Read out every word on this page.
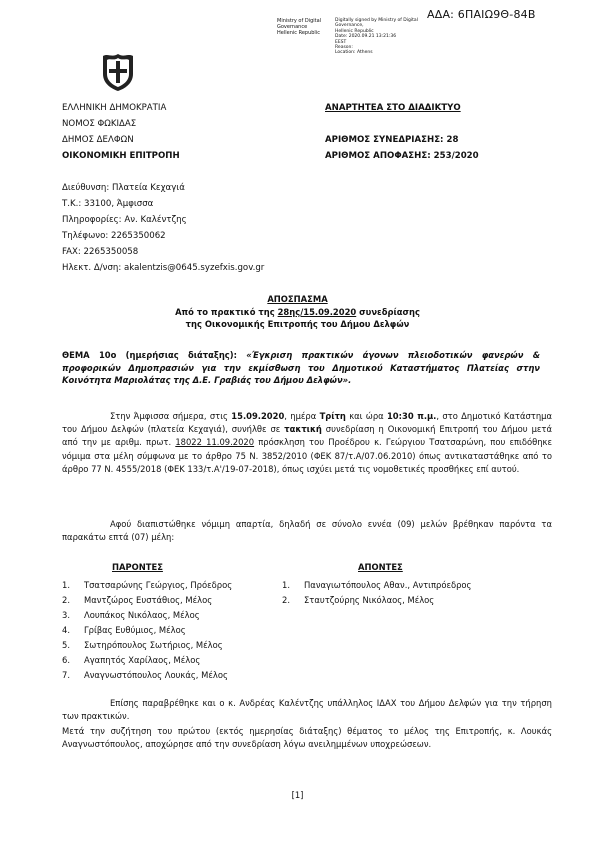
ΑΔΑ: 6ΠΑΙΩ9Θ-84Β
Ministry of Digital
Governance
Hellenic Republic
Digitally signed by Ministry of Digital Governance,
Hellenic Republic
Date: 2020.09.21 13:21:36
EEST
Reason:
Location: Athens
ΕΛΛΗΝΙΚΗ ΔΗΜΟΚΡΑΤΙΑ
ΝΟΜΟΣ ΦΩΚΙΔΑΣ
ΔΗΜΟΣ ΔΕΛΦΩΝ
ΟΙΚΟΝΟΜΙΚΗ ΕΠΙΤΡΟΠΗ
ΑΝΑΡΤΗΤΕΑ ΣΤΟ ΔΙΑΔΙΚΤΥΟ

ΑΡΙΘΜΟΣ ΣΥΝΕΔΡΙΑΣΗΣ: 28
ΑΡΙΘΜΟΣ ΑΠΟΦΑΣΗΣ: 253/2020
Διεύθυνση: Πλατεία Κεχαγιά
Τ.Κ.: 33100, Άμφισσα
Πληροφορίες: Αν. Καλέντζης
Τηλέφωνο: 2265350062
FAX: 2265350058
Ηλεκτ. Δ/νση: akalentzis@0645.syzefxis.gov.gr
ΑΠΟΣΠΑΣΜΑ
Από το πρακτικό της 28ης/15.09.2020 συνεδρίασης
της Οικονομικής Επιτροπής του Δήμου Δελφών
ΘΕΜΑ 10ο (ημερήσιας διάταξης): «Έγκριση πρακτικών άγονων πλειοδοτικών φανερών & προφορικών Δημοπρασιών για την εκμίσθωση του Δημοτικού Καταστήματος Πλατείας στην Κοινότητα Μαριολάτας της Δ.Ε. Γραβιάς του Δήμου Δελφών».
Στην Άμφισσα σήμερα, στις 15.09.2020, ημέρα Τρίτη και ώρα 10:30 π.μ., στο Δημοτικό Κατάστημα του Δήμου Δελφών (πλατεία Κεχαγιά), συνήλθε σε τακτική συνεδρίαση η Οικονομική Επιτροπή του Δήμου μετά από την με αριθμ. πρωτ. 18022 11.09.2020 πρόσκληση του Προέδρου κ. Γεώργιου Τσατσαρώνη, που επιδόθηκε νόμιμα στα μέλη σύμφωνα με το άρθρο 75 Ν. 3852/2010 (ΦΕΚ 87/τ.Α/07.06.2010) όπως αντικαταστάθηκε από το άρθρο 77 Ν. 4555/2018 (ΦΕΚ 133/τ.Α'/19-07-2018), όπως ισχύει μετά τις νομοθετικές προσθήκες επί αυτού.
Αφού διαπιστώθηκε νόμιμη απαρτία, δηλαδή σε σύνολο εννέα (09) μελών βρέθηκαν παρόντα τα παρακάτω επτά (07) μέλη:
ΠΑΡΟΝΤΕΣ	ΑΠΟΝΤΕΣ
1.	Τσατσαρώνης Γεώργιος, Πρόεδρος
2.	Μαντζώρος Ευστάθιος, Μέλος
3.	Λουπάκος Νικόλαος, Μέλος
4.	Γρίβας Ευθύμιος, Μέλος
5.	Σωτηρόπουλος Σωτήριος, Μέλος
6.	Αγαπητός Χαρίλαος, Μέλος
7.	Αναγνωστόπουλος Λουκάς, Μέλος
1.	Παναγιωτόπουλος Αθαν., Αντιπρόεδρος
2.	Σταυτζούρης Νικόλαος, Μέλος
Επίσης παραβρέθηκε και ο κ. Ανδρέας Καλέντζης υπάλληλος ΙΔΑΧ του Δήμου Δελφών για την τήρηση των πρακτικών.
Μετά την συζήτηση του πρώτου (εκτός ημερησίας διάταξης) θέματος το μέλος της Επιτροπής, κ. Λουκάς Αναγνωστόπουλος, αποχώρησε από την συνεδρίαση λόγω ανειλημμένων υποχρεώσεων.
[1]
